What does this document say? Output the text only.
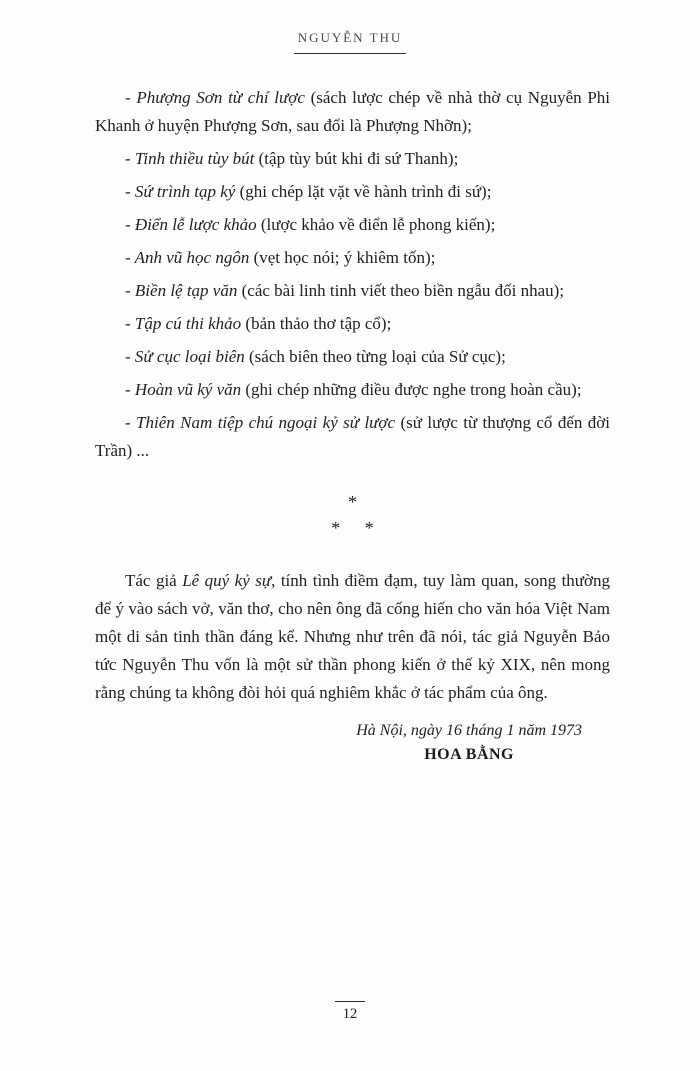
NGUYỄN THU

- Phượng Sơn từ chí lược (sách lược chép về nhà thờ cụ Nguyễn Phi Khanh ở huyện Phượng Sơn, sau đổi là Phượng Nhỡn);

- Tinh thiều tùy bút (tập tùy bút khi đi sứ Thanh);

- Sứ trình tạp ký (ghi chép lặt vặt về hành trình đi sứ);

- Điển lễ lược khảo (lược khảo về điển lễ phong kiến);

- Anh vũ học ngôn (vẹt học nói; ý khiêm tốn);

- Biền lệ tạp văn (các bài linh tinh viết theo biền ngẫu đối nhau);

- Tập cú thi khảo (bản thảo thơ tập cổ);

- Sử cục loại biên (sách biên theo từng loại của Sử cục);

- Hoàn vũ ký văn (ghi chép những điều được nghe trong hoàn cầu);

- Thiên Nam tiệp chú ngoại kỷ sử lược (sử lược từ thượng cổ đến đời Trần) ...

*
* *

Tác giả Lê quý kỷ sự, tính tình điềm đạm, tuy làm quan, song thường để ý vào sách vở, văn thơ, cho nên ông đã cống hiến cho văn hóa Việt Nam một di sản tinh thần đáng kể. Nhưng như trên đã nói, tác giả Nguyễn Bảo tức Nguyễn Thu vốn là một sử thần phong kiến ở thế kỷ XIX, nên mong rằng chúng ta không đòi hỏi quá nghiêm khắc ở tác phẩm của ông.

Hà Nội, ngày 16 tháng 1 năm 1973
HOA BẰNG
12
